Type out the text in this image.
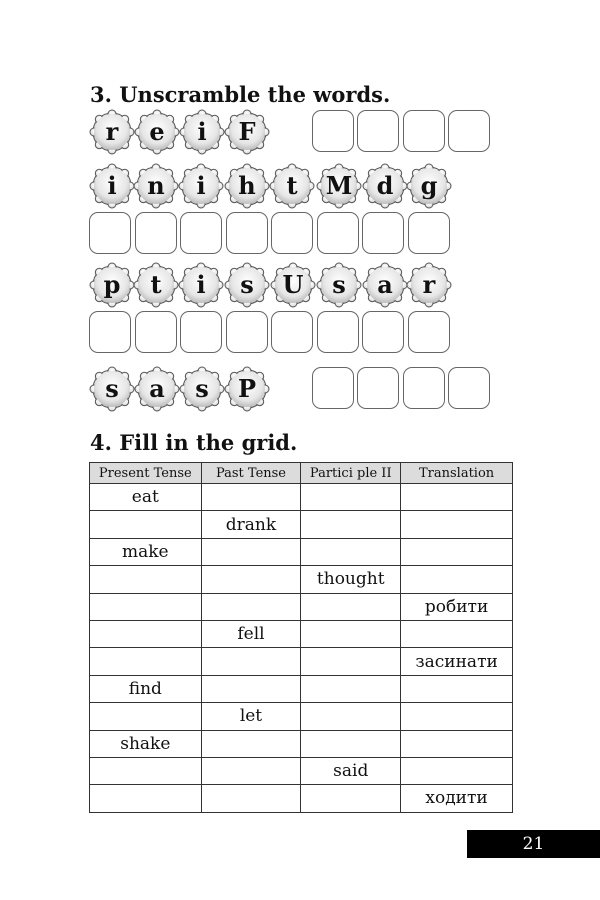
3. Unscramble the words.
r	e	i	F
i	n	i	h	t	M	d	g
p	t	i	s	U	s	a	r
s	a	s	P
4. Fill in the grid.
Present Tense	Past Tense	Partici ple II	Translation
eat			
	drank		
make			
		thought	
			робити
	fell		
			засинати
find			
	let		
shake			
		said	
			ходити
21
